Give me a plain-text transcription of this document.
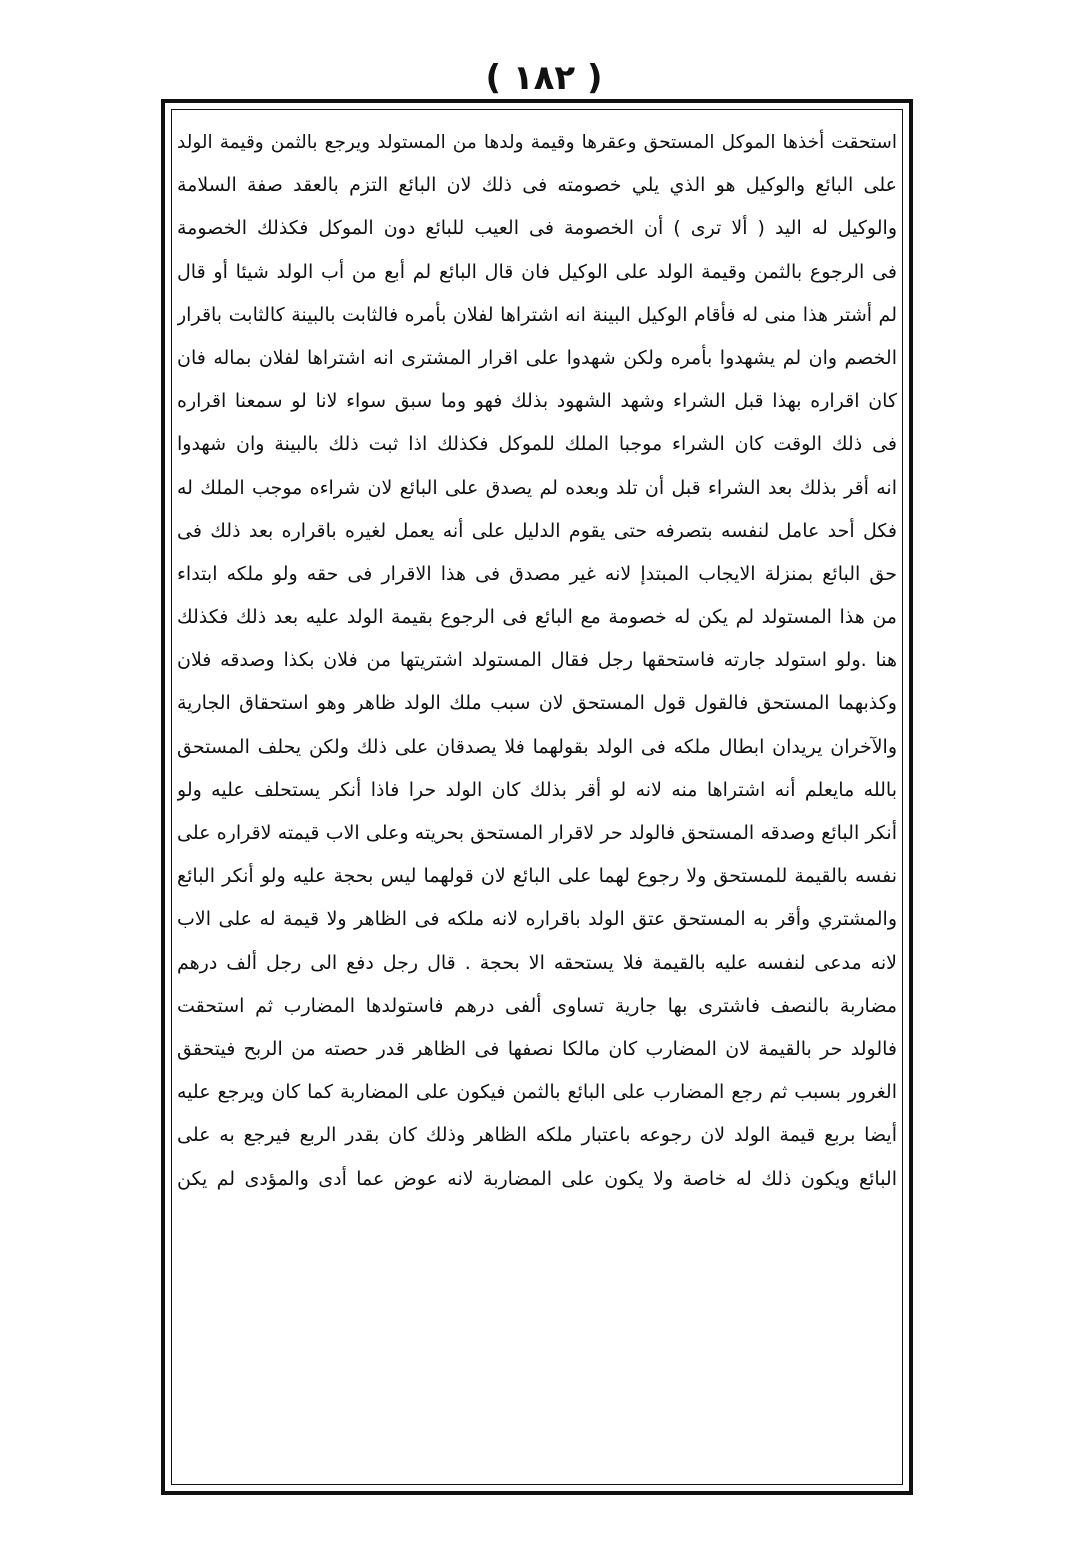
( ١٨٢ )
استحقت أخذها الموكل المستحق وعقرها وقيمة ولدها من المستولد ويرجع بالثمن وقيمة الولد
على البائع والوكيل هو الذي يلي خصومته فى ذلك لان البائع التزم بالعقد صفة السلامة
والوكيل له اليد ( ألا ترى ) أن الخصومة فى العيب للبائع دون الموكل فكذلك الخصومة
فى الرجوع بالثمن وقيمة الولد على الوكيل فان قال البائع لم أبع من أب الولد شيئا أو قال
لم أشتر هذا منى له فأقام الوكيل البينة انه اشتراها لفلان بأمره فالثابت بالبينة كالثابت باقرار
الخصم وان لم يشهدوا بأمره ولكن شهدوا على اقرار المشترى انه اشتراها لفلان بماله فان
كان اقراره بهذا قبل الشراء وشهد الشهود بذلك فهو وما سبق سواء لانا لو سمعنا اقراره
فى ذلك الوقت كان الشراء موجبا الملك للموكل فكذلك اذا ثبت ذلك بالبينة وان شهدوا
انه أقر بذلك بعد الشراء قبل أن تلد وبعده لم يصدق على البائع لان شراءه موجب الملك له
فكل أحد عامل لنفسه بتصرفه حتى يقوم الدليل على أنه يعمل لغيره باقراره بعد ذلك فى
حق البائع بمنزلة الايجاب المبتدإ لانه غير مصدق فى هذا الاقرار فى حقه ولو ملكه ابتداء
من هذا المستولد لم يكن له خصومة مع البائع فى الرجوع بقيمة الولد عليه بعد ذلك فكذلك
هنا .ولو استولد جارته فاستحقها رجل فقال المستولد اشتريتها من فلان بكذا وصدقه فلان
وكذبهما المستحق فالقول قول المستحق لان سبب ملك الولد ظاهر وهو استحقاق الجارية
والآخران يريدان ابطال ملكه فى الولد بقولهما فلا يصدقان على ذلك ولكن يحلف المستحق
بالله مايعلم أنه اشتراها منه لانه لو أقر بذلك كان الولد حرا فاذا أنكر يستحلف عليه ولو
أنكر البائع وصدقه المستحق فالولد حر لاقرار المستحق بحريته وعلى الاب قيمته لاقراره على
نفسه بالقيمة للمستحق ولا رجوع لهما على البائع لان قولهما ليس بحجة عليه ولو أنكر البائع
والمشتري وأقر به المستحق عتق الولد باقراره لانه ملكه فى الظاهر ولا قيمة له على الاب
لانه مدعى لنفسه عليه بالقيمة فلا يستحقه الا بحجة . قال رجل دفع الى رجل ألف درهم
مضاربة بالنصف فاشترى بها جارية تساوى ألفى درهم فاستولدها المضارب ثم استحقت
فالولد حر بالقيمة لان المضارب كان مالكا نصفها فى الظاهر قدر حصته من الربح فيتحقق
الغرور بسبب ثم رجع المضارب على البائع بالثمن فيكون على المضاربة كما كان ويرجع عليه
أيضا بربع قيمة الولد لان رجوعه باعتبار ملكه الظاهر وذلك كان بقدر الربع فيرجع به على
البائع ويكون ذلك له خاصة ولا يكون على المضاربة لانه عوض عما أدى والمؤدى لم يكن
